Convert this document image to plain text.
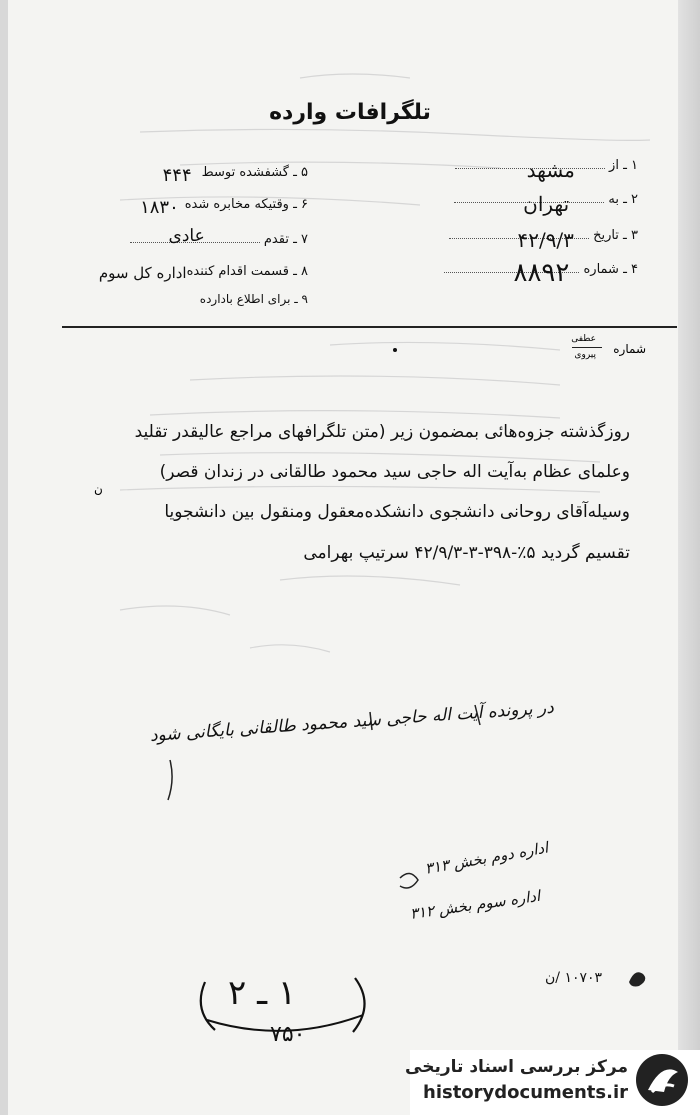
تلگرافات وارده
۱ ـ از
مشهد
۲ ـ به
تهران
۳ ـ تاریخ
۴۲/۹/۳
۴ ـ شماره
۸۸۹۲
۵ ـ گشفشده توسط
۴۴۴
۶ ـ وقتیکه مخابره شده
۱۸۳۰
۷ ـ تقدم
عادی
۸ ـ قسمت اقدام کننده
اداره کل سوم
۹ ـ برای اطلاع بادارده
شماره
عطفی
پیروی
روزگذشته جزوه‌هائی بمضمون زیر (متن تلگرافهای مراجع عالیقدر تقلید
وعلمای عظام به‌آیت اله حاجی سید محمود طالقانی در زندان قصر)
وسیله‌آقای روحانی دانشجوی دانشکده‌معقول ومنقول بین دانشجویا
ن
تقسیم گردید ۵٪-۳۹۸-۳-۴۲/۹/۳ سرتیپ بهرامی
در پرونده آیت اله حاجی سید محمود طالقانی بایگانی شود
اداره دوم بخش ۳۱۳
اداره سوم بخش ۳۱۲
۱۰۷۰۳ /ن
۱ ـ ۲
۷۵۰
مرکز بررسی اسناد تاریخی
historydocuments.ir
